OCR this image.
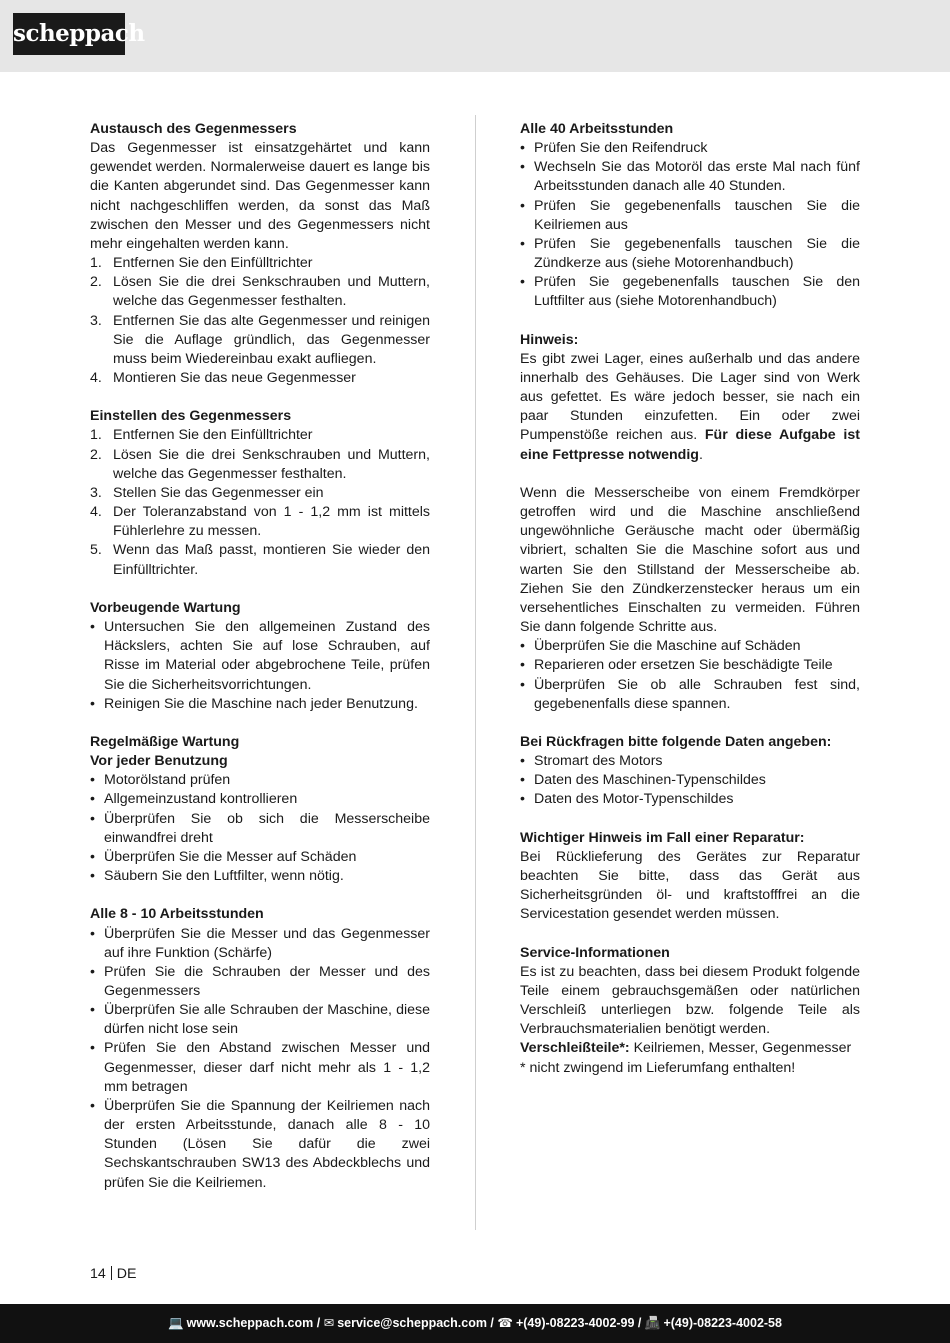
scheppach
Austausch des Gegenmessers

Das Gegenmesser ist einsatzgehärtet und kann gewendet werden. Normalerweise dauert es lange bis die Kanten abgerundet sind. Das Gegenmesser kann nicht nachgeschliffen werden, da sonst das Maß zwischen den Messer und des Gegenmessers nicht mehr eingehalten werden kann.

1. Entfernen Sie den Einfülltrichter
2. Lösen Sie die drei Senkschrauben und Muttern, welche das Gegenmesser festhalten.
3. Entfernen Sie das alte Gegenmesser und reinigen Sie die Auflage gründlich, das Gegenmesser muss beim Wiedereinbau exakt aufliegen.
4. Montieren Sie das neue Gegenmesser
Einstellen des Gegenmessers
1. Entfernen Sie den Einfülltrichter
2. Lösen Sie die drei Senkschrauben und Muttern, welche das Gegenmesser festhalten.
3. Stellen Sie das Gegenmesser ein
4. Der Toleranzabstand von 1 - 1,2 mm ist mittels Fühlerlehre zu messen.
5. Wenn das Maß passt, montieren Sie wieder den Einfülltrichter.
Vorbeugende Wartung
• Untersuchen Sie den allgemeinen Zustand des Häckslers, achten Sie auf lose Schrauben, auf Risse im Material oder abgebrochene Teile, prüfen Sie die Sicherheitsvorrichtungen.
• Reinigen Sie die Maschine nach jeder Benutzung.
Regelmäßige Wartung
Vor jeder Benutzung
• Motorölstand prüfen
• Allgemeinzustand kontrollieren
• Überprüfen Sie ob sich die Messerscheibe einwandfrei dreht
• Überprüfen Sie die Messer auf Schäden
• Säubern Sie den Luftfilter, wenn nötig.
Alle 8 - 10 Arbeitsstunden
• Überprüfen Sie die Messer und das Gegenmesser auf ihre Funktion (Schärfe)
• Prüfen Sie die Schrauben der Messer und des Gegenmessers
• Überprüfen Sie alle Schrauben der Maschine, diese dürfen nicht lose sein
• Prüfen Sie den Abstand zwischen Messer und Gegenmesser, dieser darf nicht mehr als 1 - 1,2 mm betragen
• Überprüfen Sie die Spannung der Keilriemen nach der ersten Arbeitsstunde, danach alle 8 - 10 Stunden (Lösen Sie dafür die zwei Sechskantschrauben SW13 des Abdeckblechs und prüfen Sie die Keilriemen.
Alle 40 Arbeitsstunden
• Prüfen Sie den Reifendruck
• Wechseln Sie das Motoröl das erste Mal nach fünf Arbeitsstunden danach alle 40 Stunden.
• Prüfen Sie gegebenenfalls tauschen Sie die Keilriemen aus
• Prüfen Sie gegebenenfalls tauschen Sie die Zündkerze aus (siehe Motorenhandbuch)
• Prüfen Sie gegebenenfalls tauschen Sie den Luftfilter aus (siehe Motorenhandbuch)
Hinweis:

Es gibt zwei Lager, eines außerhalb und das andere innerhalb des Gehäuses. Die Lager sind von Werk aus gefettet. Es wäre jedoch besser, sie nach ein paar Stunden einzufetten. Ein oder zwei Pumpenstöße reichen aus. Für diese Aufgabe ist eine Fettpresse notwendig.

Wenn die Messerscheibe von einem Fremdkörper getroffen wird und die Maschine anschließend ungewöhnliche Geräusche macht oder übermäßig vibriert, schalten Sie die Maschine sofort aus und warten Sie den Stillstand der Messerscheibe ab. Ziehen Sie den Zündkerzenstecker heraus um ein versehentliches Einschalten zu vermeiden. Führen Sie dann folgende Schritte aus.

• Überprüfen Sie die Maschine auf Schäden
• Reparieren oder ersetzen Sie beschädigte Teile
• Überprüfen Sie ob alle Schrauben fest sind, gegebenenfalls diese spannen.
Bei Rückfragen bitte folgende Daten angeben:
• Stromart des Motors
• Daten des Maschinen-Typenschildes
• Daten des Motor-Typenschildes
Wichtiger Hinweis im Fall einer Reparatur:

Bei Rücklieferung des Gerätes zur Reparatur beachten Sie bitte, dass das Gerät aus Sicherheitsgründen öl- und kraftstofffrei an die Servicestation gesendet werden müssen.

Service-Informationen

Es ist zu beachten, dass bei diesem Produkt folgende Teile einem gebrauchsgemäßen oder natürlichen Verschleiß unterliegen bzw. folgende Teile als Verbrauchsmaterialien benötigt werden.

Verschleißteile*: Keilriemen, Messer, Gegenmesser

* nicht zwingend im Lieferumfang enthalten!

14 DE
💻 www.scheppach.com / ✉ service@scheppach.com / ☎ +(49)-08223-4002-99 / 📠 +(49)-08223-4002-58
